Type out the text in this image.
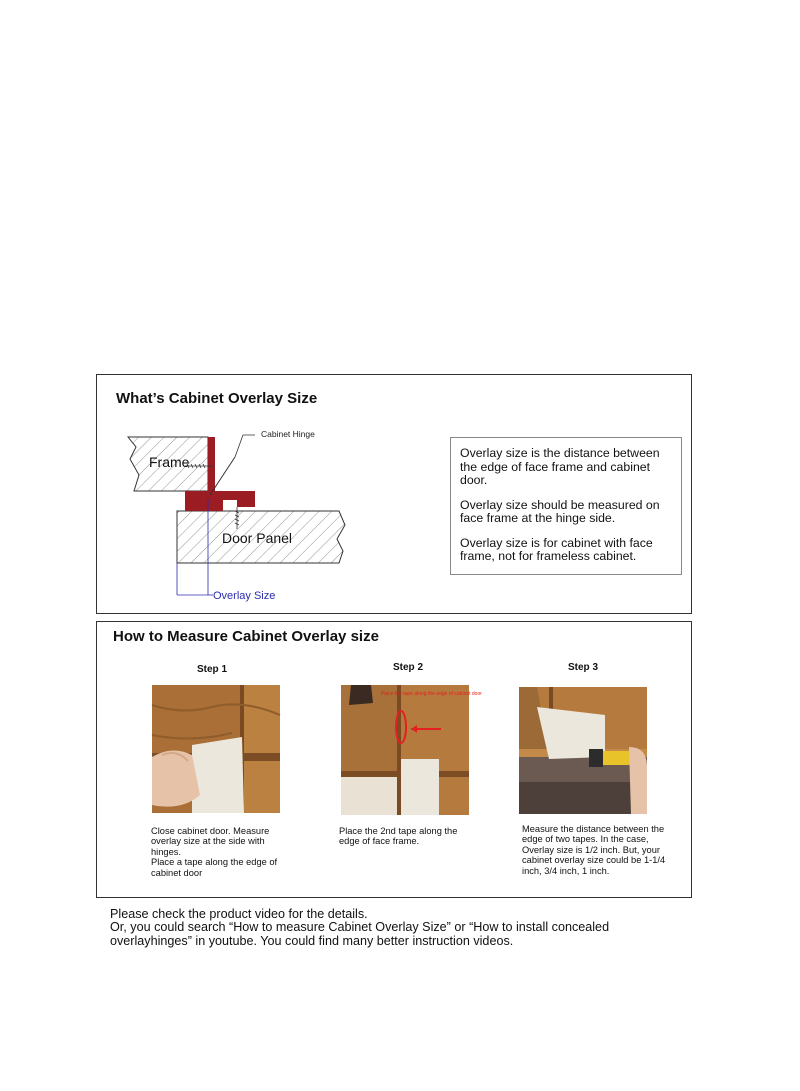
What’s Cabinet Overlay Size
Frame
Door Panel
Cabinet Hinge
Overlay Size

Overlay size is the distance between the edge of face frame and cabinet door.

Overlay size should be measured on face frame at the hinge side.

Overlay size is for cabinet with face frame, not for frameless cabinet.

How to Measure Cabinet Overlay size
Step 1
Close cabinet door. Measure overlay size at the side with hinges.
Place a tape along the edge of cabinet door
Step 2
Place the tape along the edge of cabinet door
Place the 2nd tape along the edge of face frame.
Step 3
Measure the distance between the edge of two tapes. In the case, Overlay size is 1/2 inch. But, your cabinet overlay size could be 1-1/4 inch, 3/4 inch, 1 inch.
Please check the product video for the details.
Or, you could search “How to measure Cabinet Overlay Size” or “How to install concealed
overlayhinges” in youtube. You could find many better instruction videos.
